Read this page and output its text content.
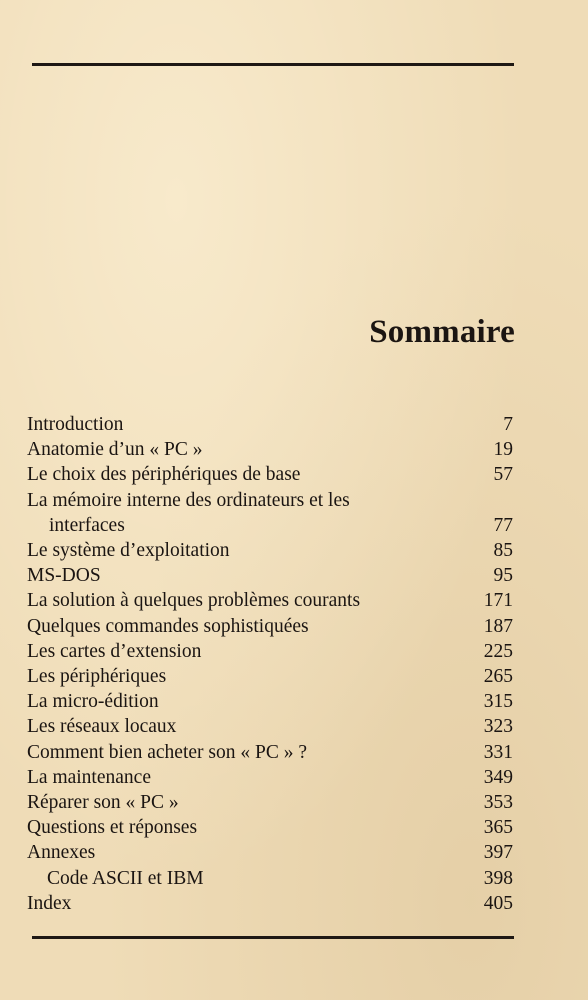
Sommaire
Introduction	7
Anatomie d’un « PC »	19
Le choix des périphériques de base	57
La mémoire interne des ordinateurs et les
interfaces	77
Le système d’exploitation	85
MS-DOS	95
La solution à quelques problèmes courants	171
Quelques commandes sophistiquées	187
Les cartes d’extension	225
Les périphériques	265
La micro-édition	315
Les réseaux locaux	323
Comment bien acheter son « PC » ?	331
La maintenance	349
Réparer son « PC »	353
Questions et réponses	365
Annexes	397
Code ASCII et IBM	398
Index	405
